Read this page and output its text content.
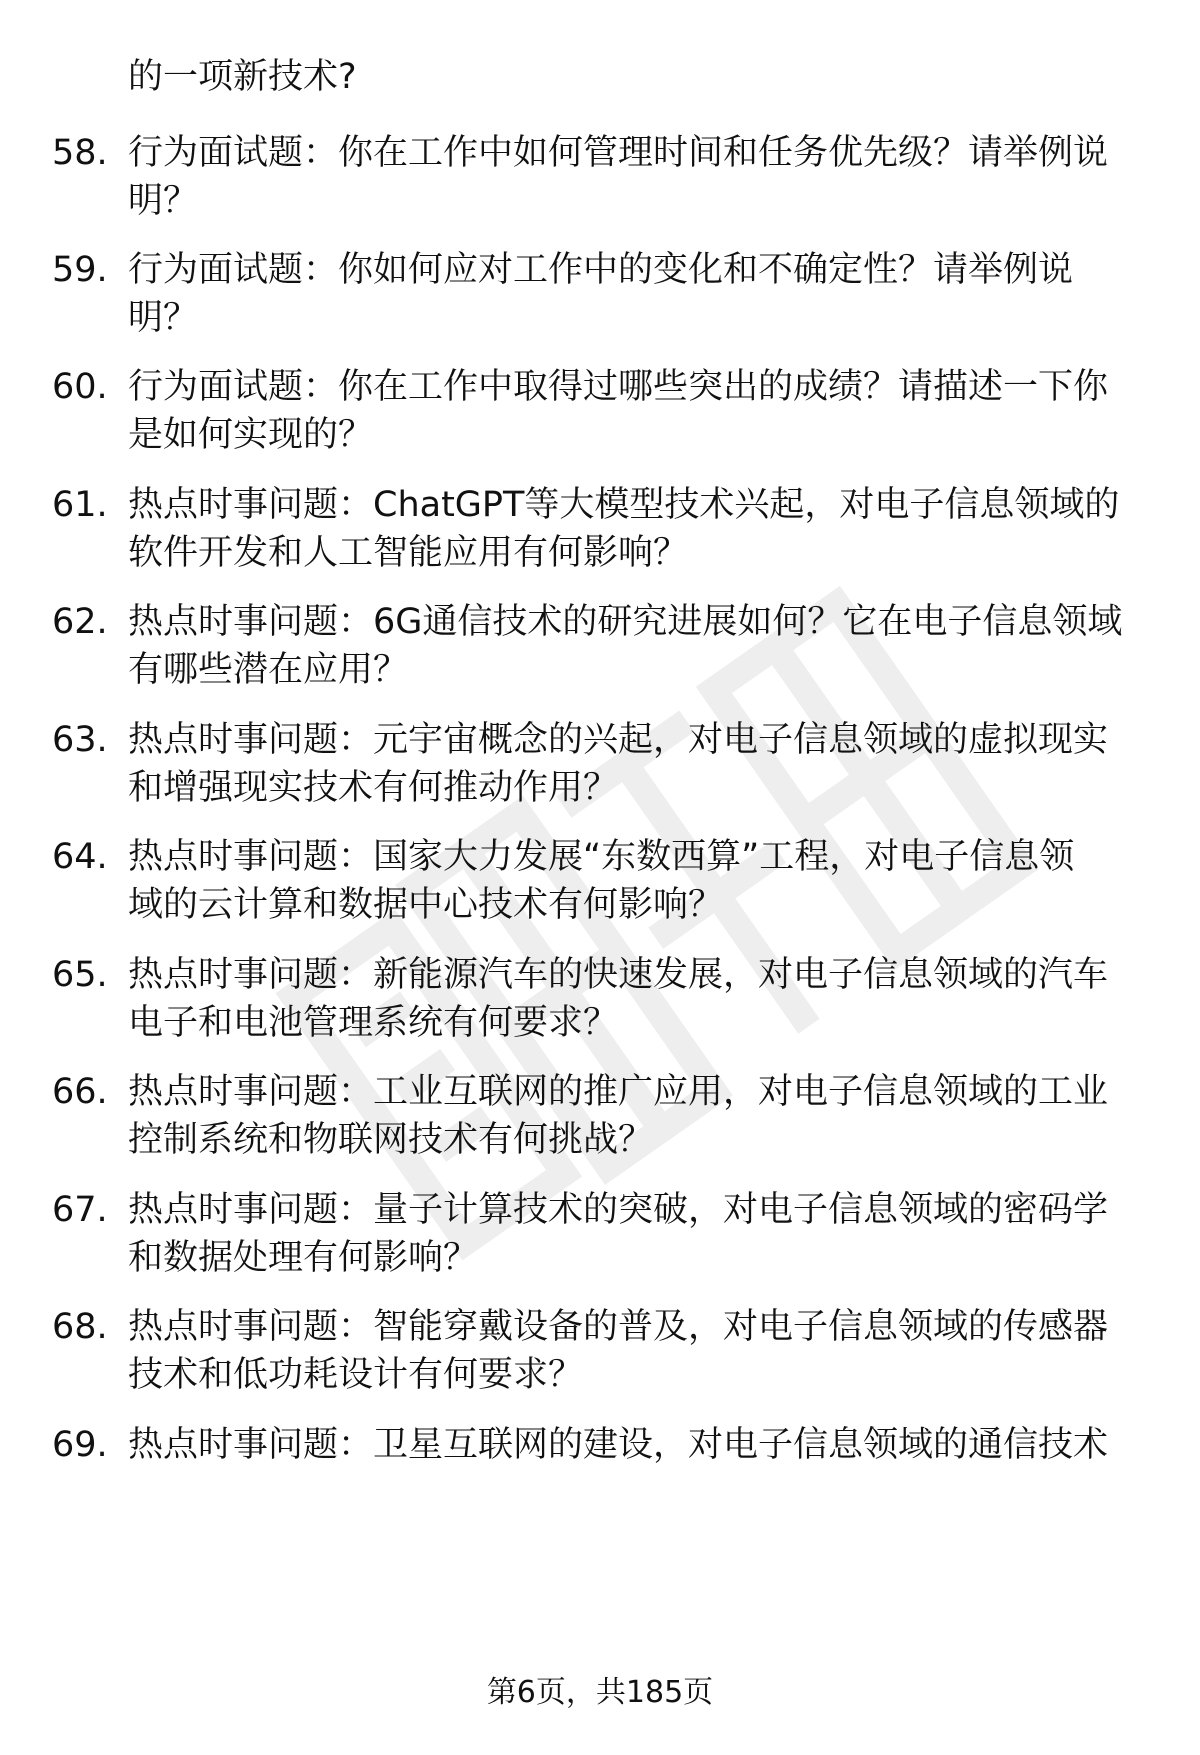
的一项新技术?
58. 行为面试题：你在工作中如何管理时间和任务优先级？请举例说
明？
59. 行为面试题：你如何应对工作中的变化和不确定性？请举例说
明？
60. 行为面试题：你在工作中取得过哪些突出的成绩？请描述一下你
是如何实现的？
61. 热点时事问题：ChatGPT等大模型技术兴起，对电子信息领域的
软件开发和人工智能应用有何影响？
62. 热点时事问题：6G通信技术的研究进展如何？它在电子信息领域
有哪些潜在应用？
63. 热点时事问题：元宇宙概念的兴起，对电子信息领域的虚拟现实
和增强现实技术有何推动作用？
64. 热点时事问题：国家大力发展“东数西算”工程，对电子信息领
域的云计算和数据中心技术有何影响？
65. 热点时事问题：新能源汽车的快速发展，对电子信息领域的汽车
电子和电池管理系统有何要求？
66. 热点时事问题：工业互联网的推广应用，对电子信息领域的工业
控制系统和物联网技术有何挑战？
67. 热点时事问题：量子计算技术的突破，对电子信息领域的密码学
和数据处理有何影响？
68. 热点时事问题：智能穿戴设备的普及，对电子信息领域的传感器
技术和低功耗设计有何要求？
69. 热点时事问题：卫星互联网的建设，对电子信息领域的通信技术
第6页，共185页
